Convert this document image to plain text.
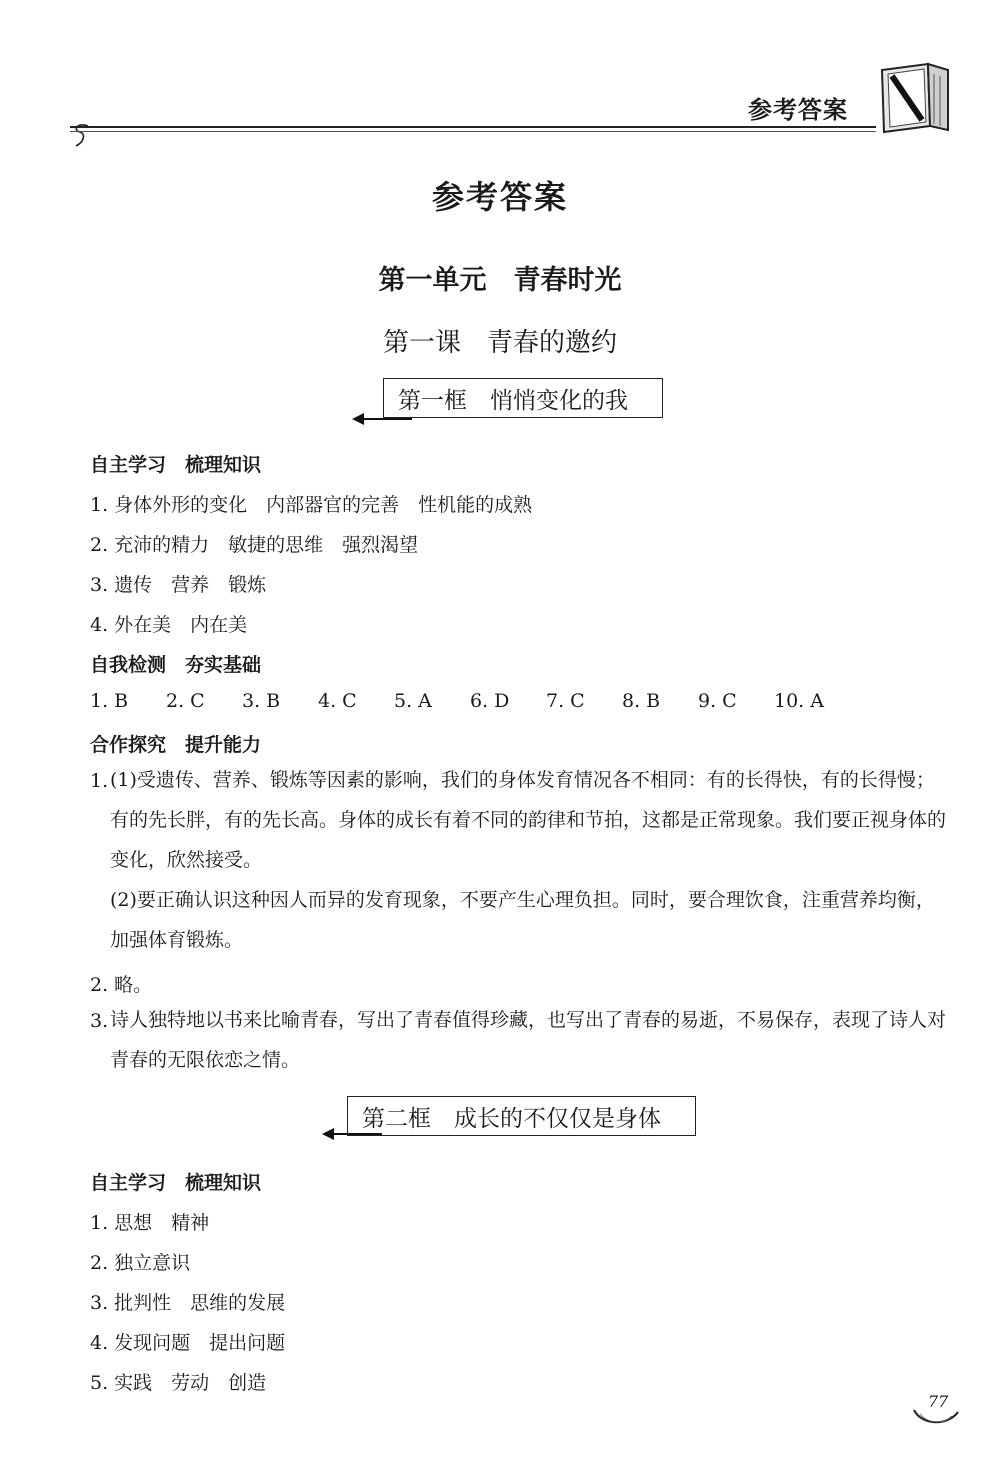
参考答案
参考答案
第一单元　青春时光
第一课　青春的邀约
第一框　悄悄变化的我
自主学习　梳理知识
1. 身体外形的变化　内部器官的完善　性机能的成熟
2. 充沛的精力　敏捷的思维　强烈渴望
3. 遗传　营养　锻炼
4. 外在美　内在美
自我检测　夯实基础
1. B	2. C	3. B	4. C	5. A	6. D	7. C	8. B	9. C	10. A
合作探究　提升能力
1. (1)受遗传、营养、锻炼等因素的影响，我们的身体发育情况各不相同：有的长得快，有的长得慢；有的先长胖，有的先长高。身体的成长有着不同的韵律和节拍，这都是正常现象。我们要正视身体的变化，欣然接受。
(2)要正确认识这种因人而异的发育现象，不要产生心理负担。同时，要合理饮食，注重营养均衡，加强体育锻炼。
2. 略。
3. 诗人独特地以书来比喻青春，写出了青春值得珍藏，也写出了青春的易逝，不易保存，表现了诗人对青春的无限依恋之情。
第二框　成长的不仅仅是身体
自主学习　梳理知识
1. 思想　精神
2. 独立意识
3. 批判性　思维的发展
4. 发现问题　提出问题
5. 实践　劳动　创造
77
